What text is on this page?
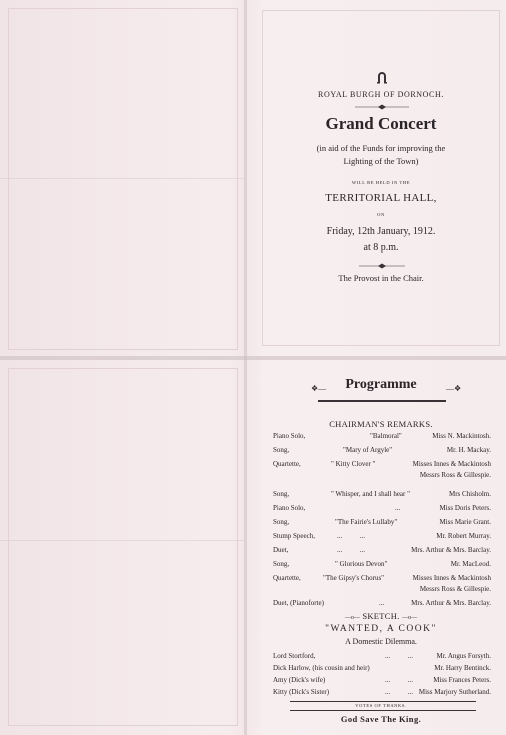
ROYAL BURGH OF DORNOCH.
Grand Concert
(in aid of the Funds for improving the
Lighting of the Town)
WILL BE HELD IN THE
TERRITORIAL HALL,
ON
Friday, 12th January, 1912.
at 8 p.m.
The Provost in the Chair.
❖—	Programme	—❖
CHAIRMAN'S REMARKS.
Piano Solo,	"Balmoral"	Miss N. Mackintosh.
Song,	"Mary of Argyle"	Mr. H. Mackay.
Quartette,	" Kitty Clover "	Misses Innes & Mackintosh
Messrs Ross & Gillespie.
Song,	" Whisper, and I shall hear "	Mrs Chisholm.
Piano Solo,	...	Miss Doris Peters.
Song,	"The Fairie's Lullaby"	Miss Marie Grant.
Stump Speech,	...          ...	Mr. Robert Murray.
Duet,	...          ...	Mrs. Arthur & Mrs. Barclay.
Song,	" Glorious Devon"	Mr. MacLeod.
Quartette,	"The Gipsy's Chorus"	Misses Innes & Mackintosh
Messrs Ross & Gillespie.
Duet, (Pianoforte)	...	Mrs. Arthur & Mrs. Barclay.
—o— SKETCH. —o—
"WANTED, A COOK"
A Domestic Dilemma.
Lord Stortford,	...          ...	Mr. Angus Forsyth.
Dick Harlow, (his cousin and heir)	Mr. Harry Bentinck.
Amy (Dick's wife)	...          ...	Miss Frances Peters.
Kitty (Dick's Sister)	...          ... Miss Marjory Sutherland.
VOTES OF THANKS.
God Save The King.
